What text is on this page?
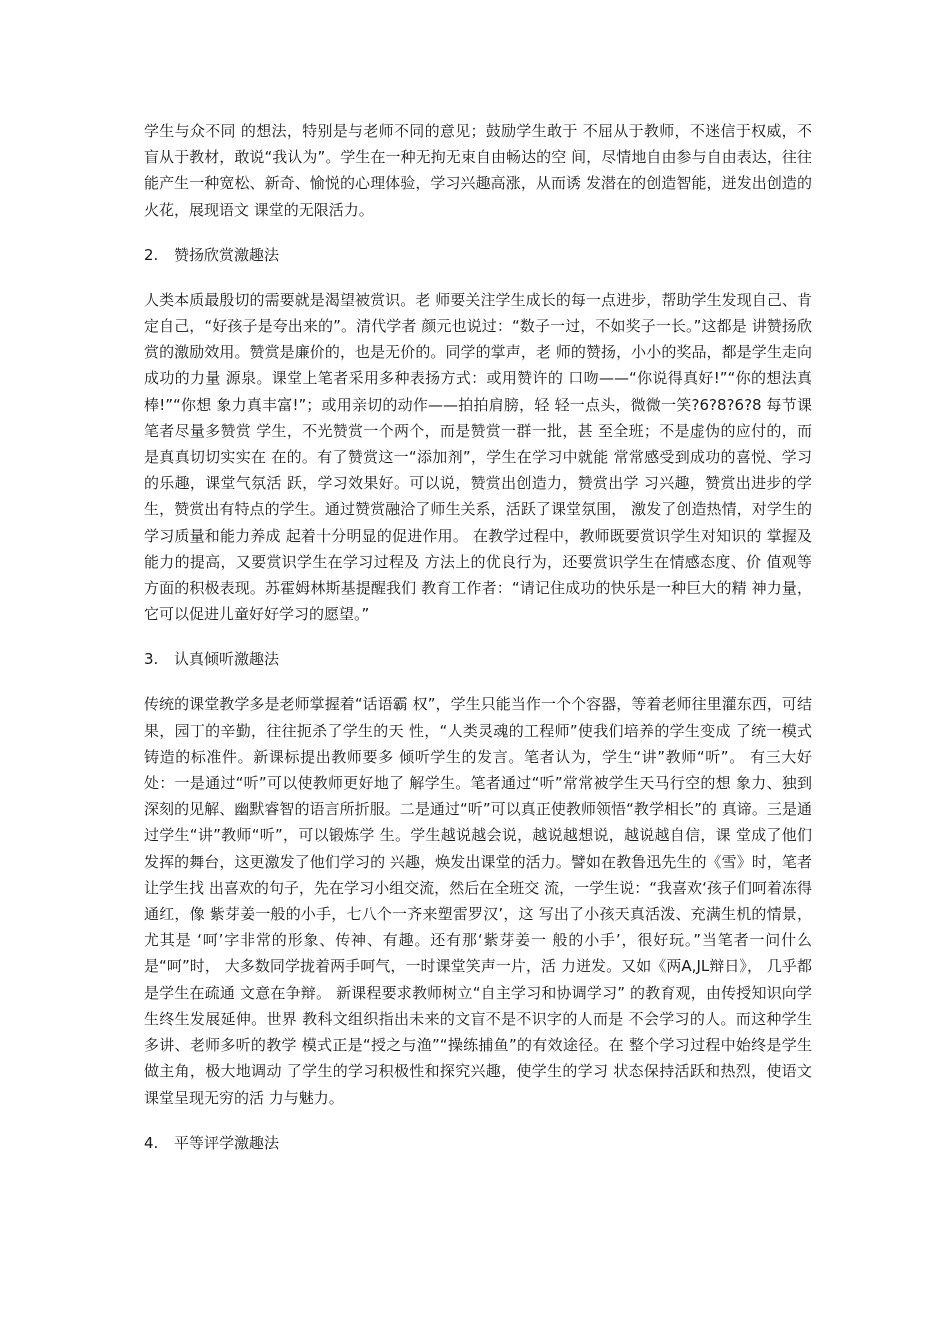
学生与众不同 的想法，特别是与老师不同的意见；鼓励学生敢于 不屈从于教师，不迷信于权威，不盲从于教材，敢说“我认为”。学生在一种无拘无束自由畅达的空 间，尽情地自由参与自由表达，往往能产生一种宽松、新奇、愉悦的心理体验，学习兴趣高涨，从而诱 发潜在的创造智能，迸发出创造的火花，展现语文 课堂的无限活力。

2. 赞扬欣赏激趣法

人类本质最殷切的需要就是渴望被赏识。老 师要关注学生成长的每一点进步，帮助学生发现自己、肯定自己，“好孩子是夸出来的”。清代学者 颜元也说过：“数子一过，不如奖子一长。”这都是 讲赞扬欣赏的激励效用。赞赏是廉价的，也是无价的。同学的掌声，老 师的赞扬，小小的奖品，都是学生走向成功的力量 源泉。课堂上笔者采用多种表扬方式：或用赞许的 口吻——“你说得真好!”“你的想法真棒!”“你想 象力真丰富!”；或用亲切的动作——拍拍肩膀，轻 轻一点头，微微一笑?6?8?6?8 每节课笔者尽量多赞赏 学生，不光赞赏一个两个，而是赞赏一群一批，甚 至全班；不是虚伪的应付的，而是真真切切实实在 在的。有了赞赏这一“添加剂”，学生在学习中就能 常常感受到成功的喜悦、学习的乐趣，课堂气氛活 跃，学习效果好。可以说，赞赏出创造力，赞赏出学 习兴趣，赞赏出进步的学生，赞赏出有特点的学生。通过赞赏融洽了师生关系，活跃了课堂氛围， 激发了创造热情，对学生的学习质量和能力养成 起着十分明显的促进作用。 在教学过程中，教师既要赏识学生对知识的 掌握及能力的提高，又要赏识学生在学习过程及 方法上的优良行为，还要赏识学生在情感态度、价 值观等方面的积极表现。苏霍姆林斯基提醒我们 教育工作者：“请记住成功的快乐是一种巨大的精 神力量，它可以促进儿童好好学习的愿望。”

3. 认真倾听激趣法

传统的课堂教学多是老师掌握着“话语霸 权”，学生只能当作一个个容器，等着老师往里灌东西，可结果，园丁的辛勤，往往扼杀了学生的天 性，“人类灵魂的工程师”使我们培养的学生变成 了统一模式铸造的标准件。新课标提出教师要多 倾听学生的发言。笔者认为，学生“讲”教师“听”。 有三大好处：一是通过“听”可以使教师更好地了 解学生。笔者通过“听”常常被学生天马行空的想 象力、独到深刻的见解、幽默睿智的语言所折服。二是通过“听”可以真正使教师领悟“教学相长”的 真谛。三是通过学生“讲”教师“听”，可以锻炼学 生。学生越说越会说，越说越想说，越说越自信，课 堂成了他们发挥的舞台，这更激发了他们学习的 兴趣，焕发出课堂的活力。譬如在教鲁迅先生的《雪》时，笔者让学生找 出喜欢的句子，先在学习小组交流，然后在全班交 流，一学生说：“我喜欢‘孩子们呵着冻得通红，像 紫芽姜一般的小手，七八个一齐来塑雷罗汉’，这 写出了小孩天真活泼、充满生机的情景，尤其是 ‘呵’字非常的形象、传神、有趣。还有那‘紫芽姜一 般的小手’，很好玩。”当笔者一问什么是“呵”时， 大多数同学拢着两手呵气，一时课堂笑声一片，活 力迸发。又如《两A,JL辩日》， 几乎都是学生在疏通 文意在争辩。 新课程要求教师树立“自主学习和协调学习” 的教育观，由传授知识向学生终生发展延伸。世界 教科文组织指出未来的文盲不是不识字的人而是 不会学习的人。而这种学生多讲、老师多听的教学 模式正是“授之与渔”“操练捕鱼”的有效途径。在 整个学习过程中始终是学生做主角，极大地调动 了学生的学习积极性和探究兴趣，使学生的学习 状态保持活跃和热烈，使语文课堂呈现无穷的活 力与魅力。

4. 平等评学激趣法
